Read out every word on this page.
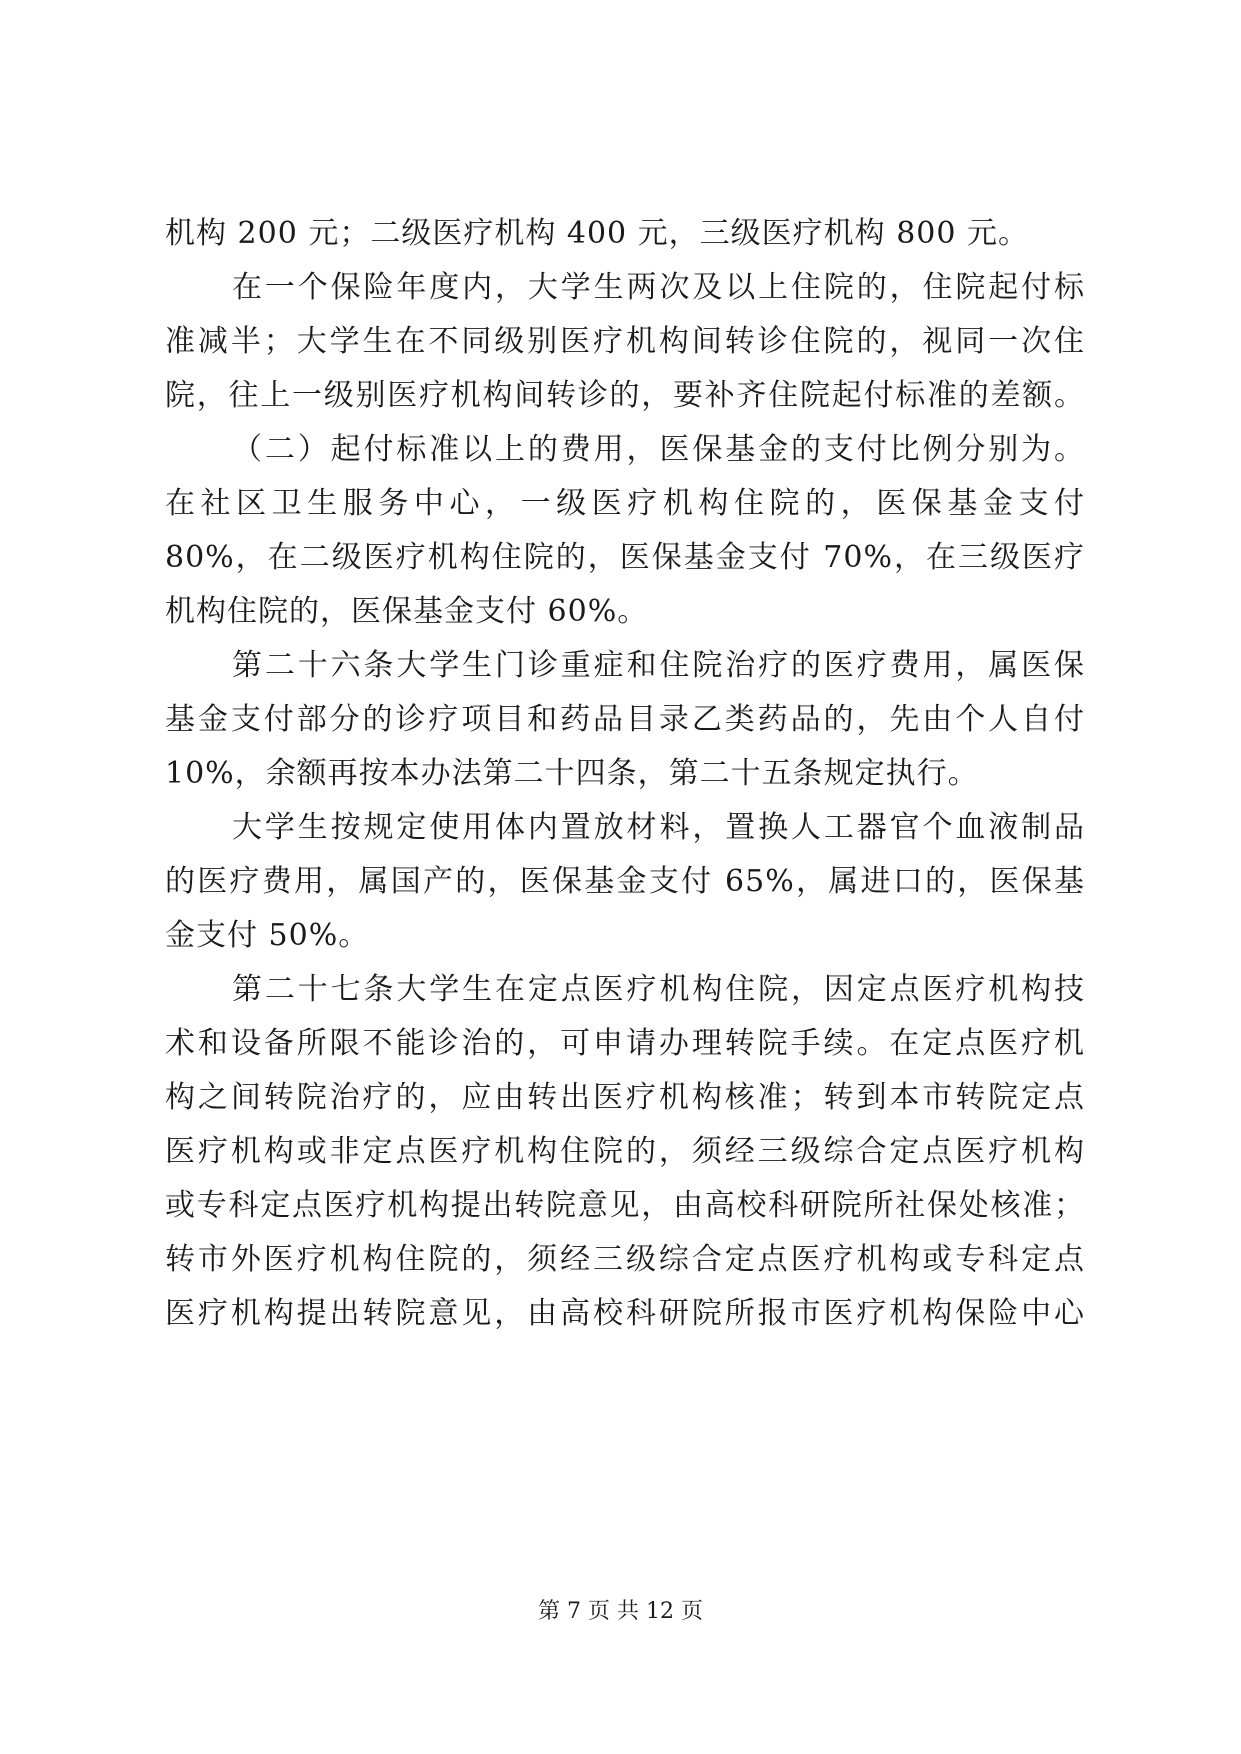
机构 200 元；二级医疗机构 400 元，三级医疗机构 800 元。
在一个保险年度内，大学生两次及以上住院的，住院起付标
准减半；大学生在不同级别医疗机构间转诊住院的，视同一次住
院，往上一级别医疗机构间转诊的，要补齐住院起付标准的差额。
（二）起付标准以上的费用，医保基金的支付比例分别为。
在社区卫生服务中心，一级医疗机构住院的，医保基金支付
80%，在二级医疗机构住院的，医保基金支付 70%，在三级医疗
机构住院的，医保基金支付 60%。
第二十六条大学生门诊重症和住院治疗的医疗费用，属医保
基金支付部分的诊疗项目和药品目录乙类药品的，先由个人自付
10%，余额再按本办法第二十四条，第二十五条规定执行。
大学生按规定使用体内置放材料，置换人工器官个血液制品
的医疗费用，属国产的，医保基金支付 65%，属进口的，医保基
金支付 50%。
第二十七条大学生在定点医疗机构住院，因定点医疗机构技
术和设备所限不能诊治的，可申请办理转院手续。在定点医疗机
构之间转院治疗的，应由转出医疗机构核准；转到本市转院定点
医疗机构或非定点医疗机构住院的，须经三级综合定点医疗机构
或专科定点医疗机构提出转院意见，由高校科研院所社保处核准；
转市外医疗机构住院的，须经三级综合定点医疗机构或专科定点
医疗机构提出转院意见，由高校科研院所报市医疗机构保险中心
第 7 页 共 12 页
